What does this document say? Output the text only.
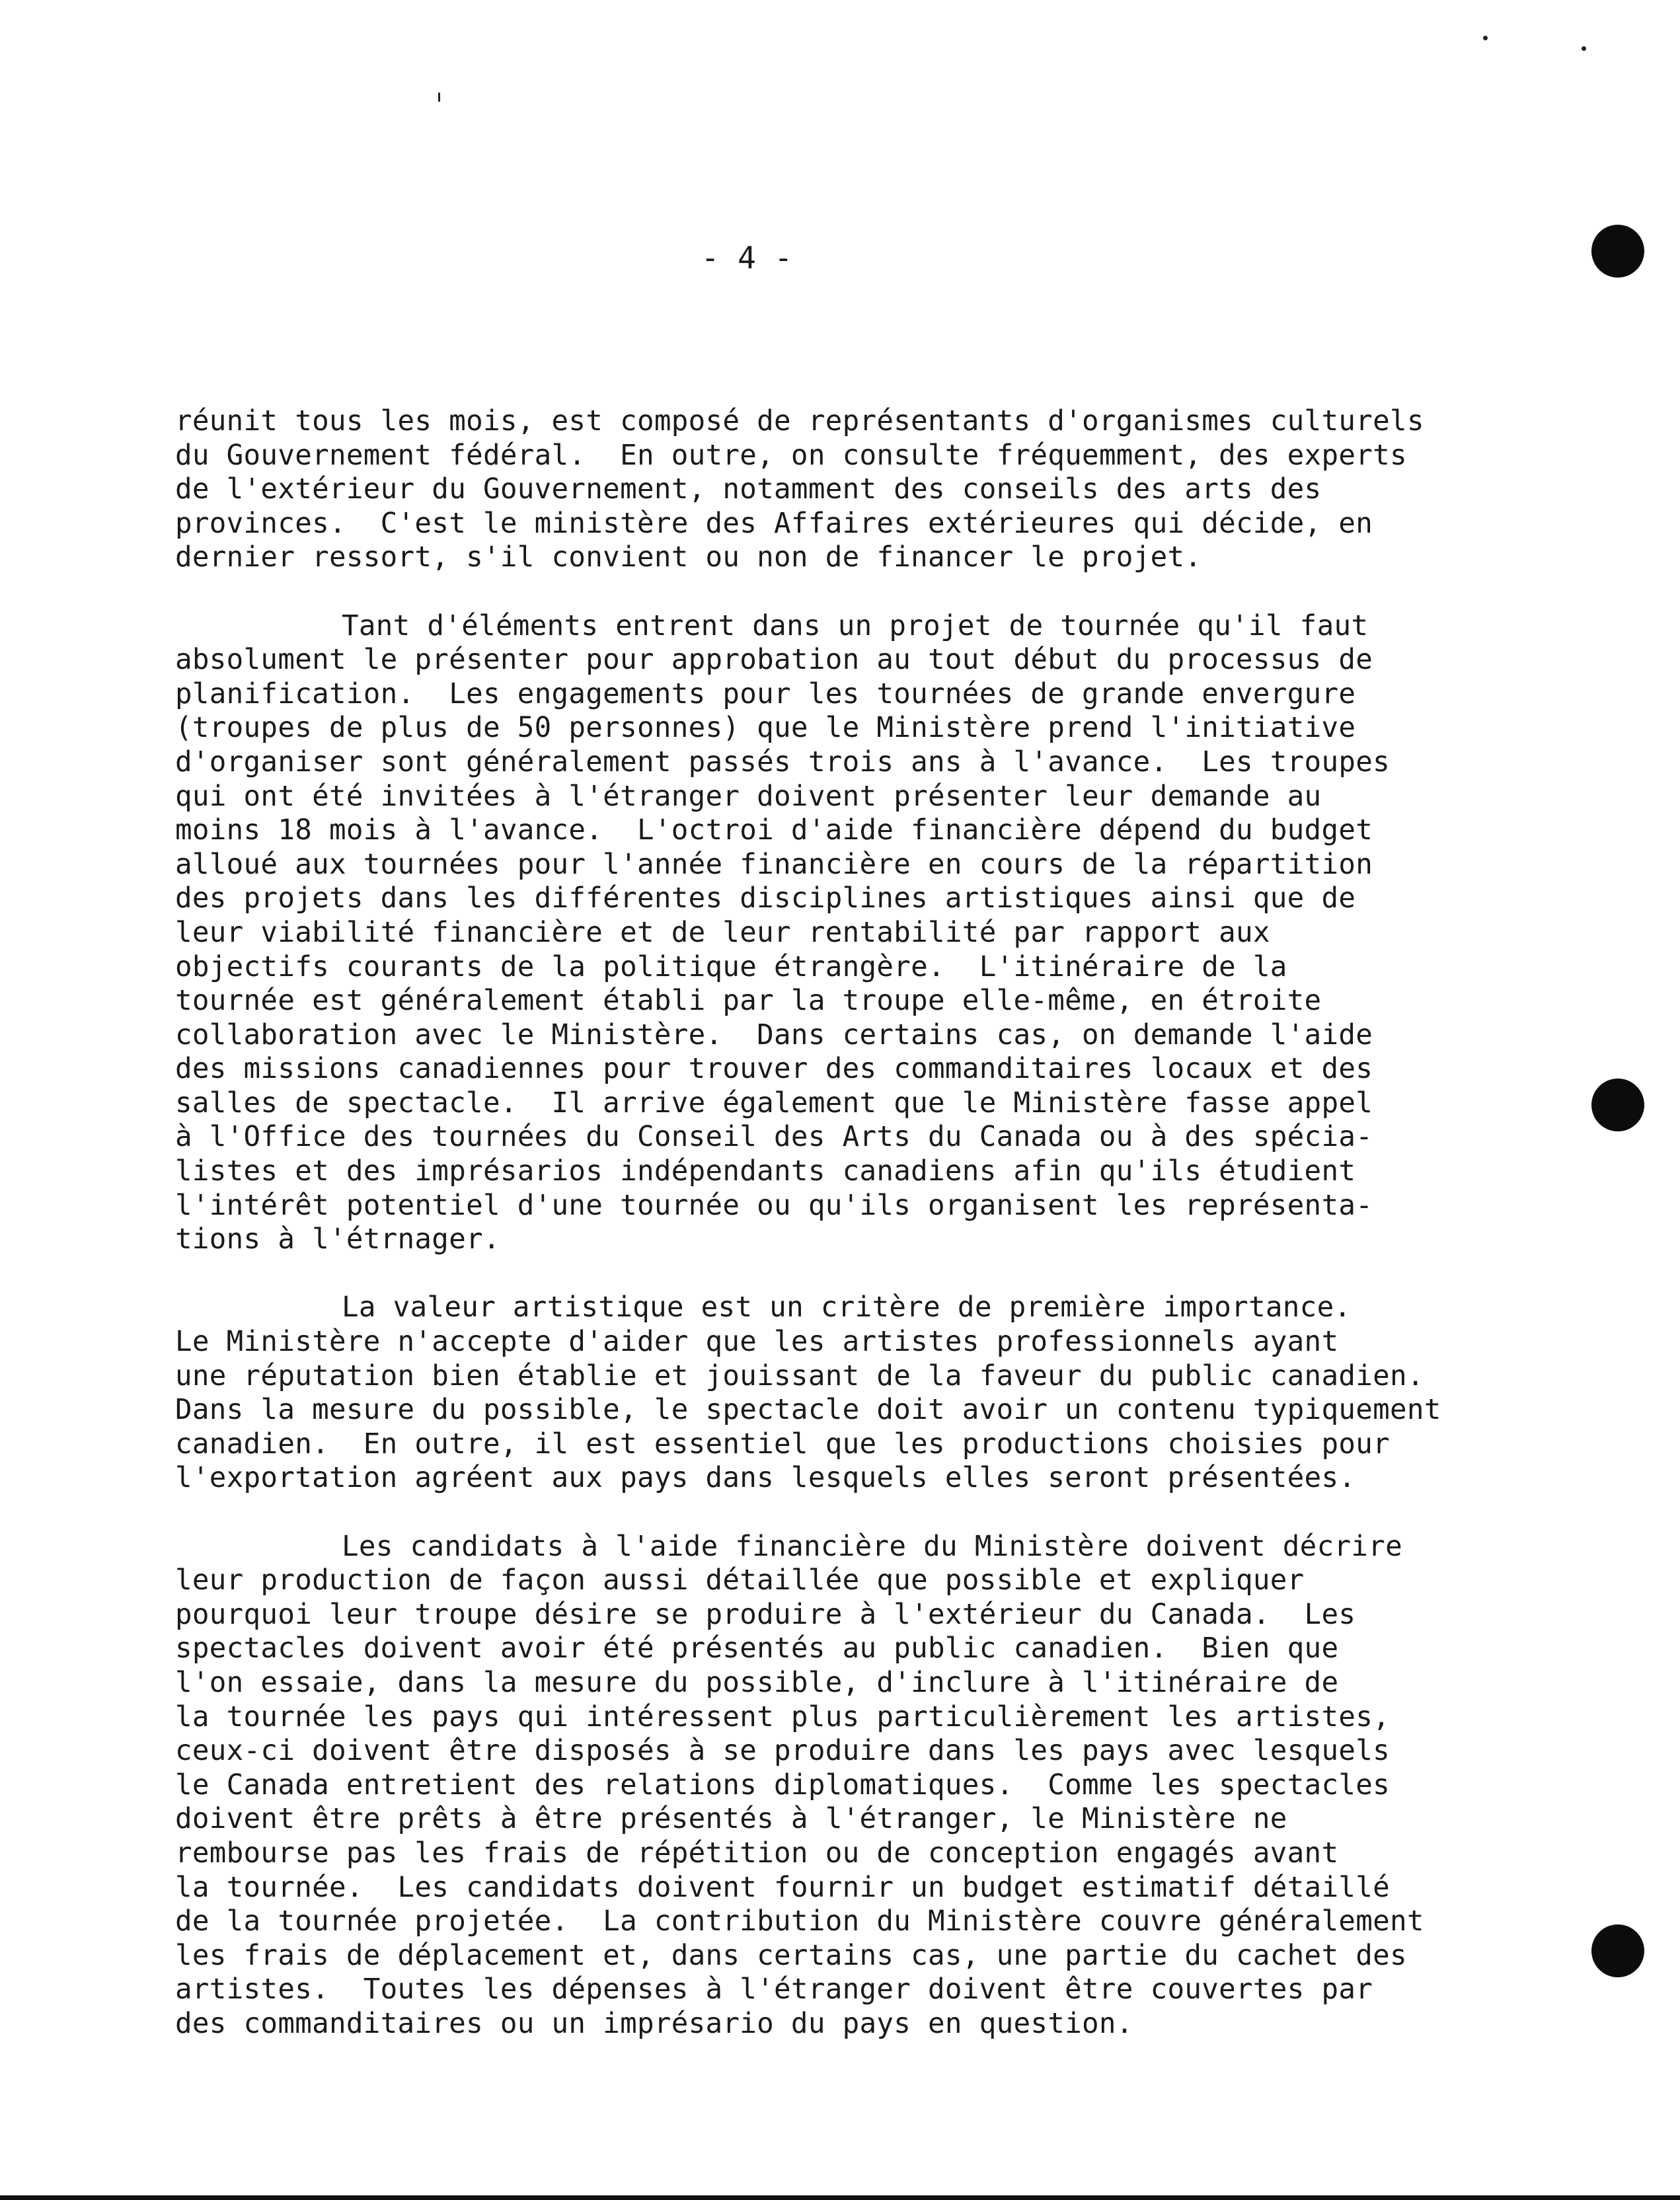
- 4 -
réunit tous les mois, est composé de représentants d'organismes culturels
du Gouvernement fédéral.  En outre, on consulte fréquemment, des experts
de l'extérieur du Gouvernement, notamment des conseils des arts des
provinces.  C'est le ministère des Affaires extérieures qui décide, en
dernier ressort, s'il convient ou non de financer le projet.
Tant d'éléments entrent dans un projet de tournée qu'il faut
absolument le présenter pour approbation au tout début du processus de
planification.  Les engagements pour les tournées de grande envergure
(troupes de plus de 50 personnes) que le Ministère prend l'initiative
d'organiser sont généralement passés trois ans à l'avance.  Les troupes
qui ont été invitées à l'étranger doivent présenter leur demande au
moins 18 mois à l'avance.  L'octroi d'aide financière dépend du budget
alloué aux tournées pour l'année financière en cours de la répartition
des projets dans les différentes disciplines artistiques ainsi que de
leur viabilité financière et de leur rentabilité par rapport aux
objectifs courants de la politique étrangère.  L'itinéraire de la
tournée est généralement établi par la troupe elle-même, en étroite
collaboration avec le Ministère.  Dans certains cas, on demande l'aide
des missions canadiennes pour trouver des commanditaires locaux et des
salles de spectacle.  Il arrive également que le Ministère fasse appel
à l'Office des tournées du Conseil des Arts du Canada ou à des spécia-
listes et des imprésarios indépendants canadiens afin qu'ils étudient
l'intérêt potentiel d'une tournée ou qu'ils organisent les représenta-
tions à l'étrnager.
La valeur artistique est un critère de première importance.
Le Ministère n'accepte d'aider que les artistes professionnels ayant
une réputation bien établie et jouissant de la faveur du public canadien.
Dans la mesure du possible, le spectacle doit avoir un contenu typiquement
canadien.  En outre, il est essentiel que les productions choisies pour
l'exportation agréent aux pays dans lesquels elles seront présentées.
Les candidats à l'aide financière du Ministère doivent décrire
leur production de façon aussi détaillée que possible et expliquer
pourquoi leur troupe désire se produire à l'extérieur du Canada.  Les
spectacles doivent avoir été présentés au public canadien.  Bien que
l'on essaie, dans la mesure du possible, d'inclure à l'itinéraire de
la tournée les pays qui intéressent plus particulièrement les artistes,
ceux-ci doivent être disposés à se produire dans les pays avec lesquels
le Canada entretient des relations diplomatiques.  Comme les spectacles
doivent être prêts à être présentés à l'étranger, le Ministère ne
rembourse pas les frais de répétition ou de conception engagés avant
la tournée.  Les candidats doivent fournir un budget estimatif détaillé
de la tournée projetée.  La contribution du Ministère couvre généralement
les frais de déplacement et, dans certains cas, une partie du cachet des
artistes.  Toutes les dépenses à l'étranger doivent être couvertes par
des commanditaires ou un imprésario du pays en question.
